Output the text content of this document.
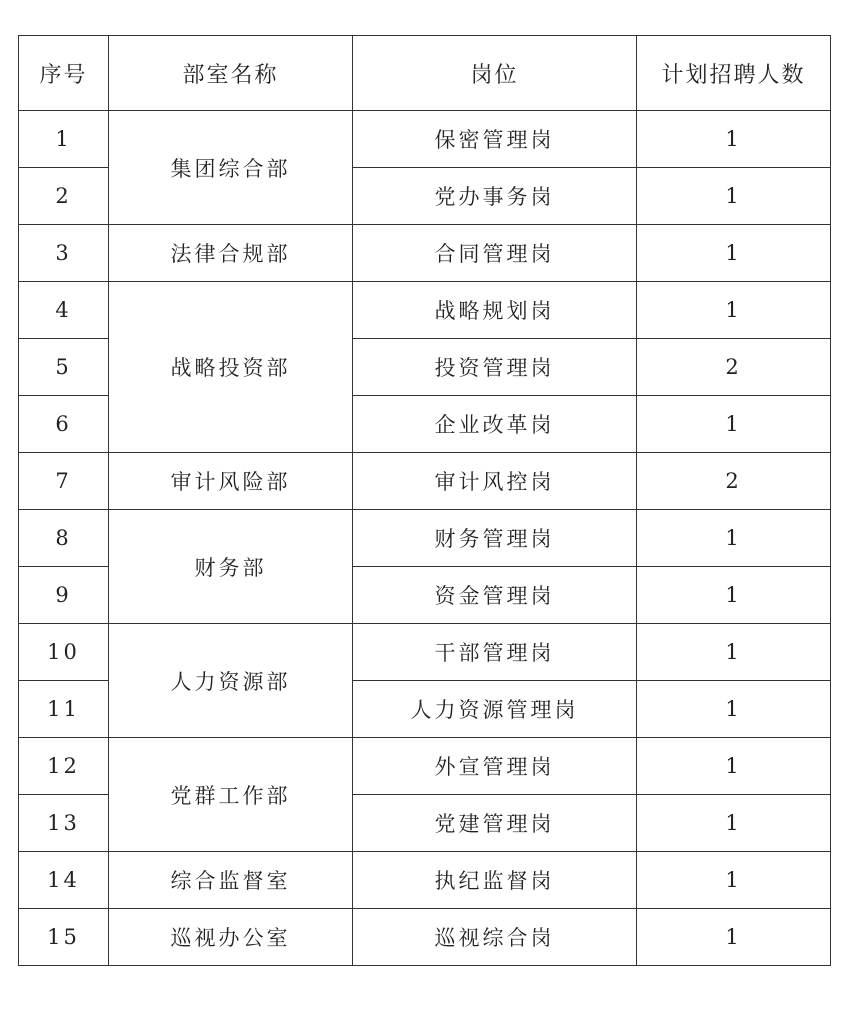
序号	部室名称	岗位	计划招聘人数
1	集团综合部	保密管理岗	1
2		党办事务岗	1
3	法律合规部	合同管理岗	1
4	战略投资部	战略规划岗	1
5		投资管理岗	2
6		企业改革岗	1
7	审计风险部	审计风控岗	2
8	财务部	财务管理岗	1
9		资金管理岗	1
10	人力资源部	干部管理岗	1
11		人力资源管理岗	1
12	党群工作部	外宣管理岗	1
13		党建管理岗	1
14	综合监督室	执纪监督岗	1
15	巡视办公室	巡视综合岗	1
